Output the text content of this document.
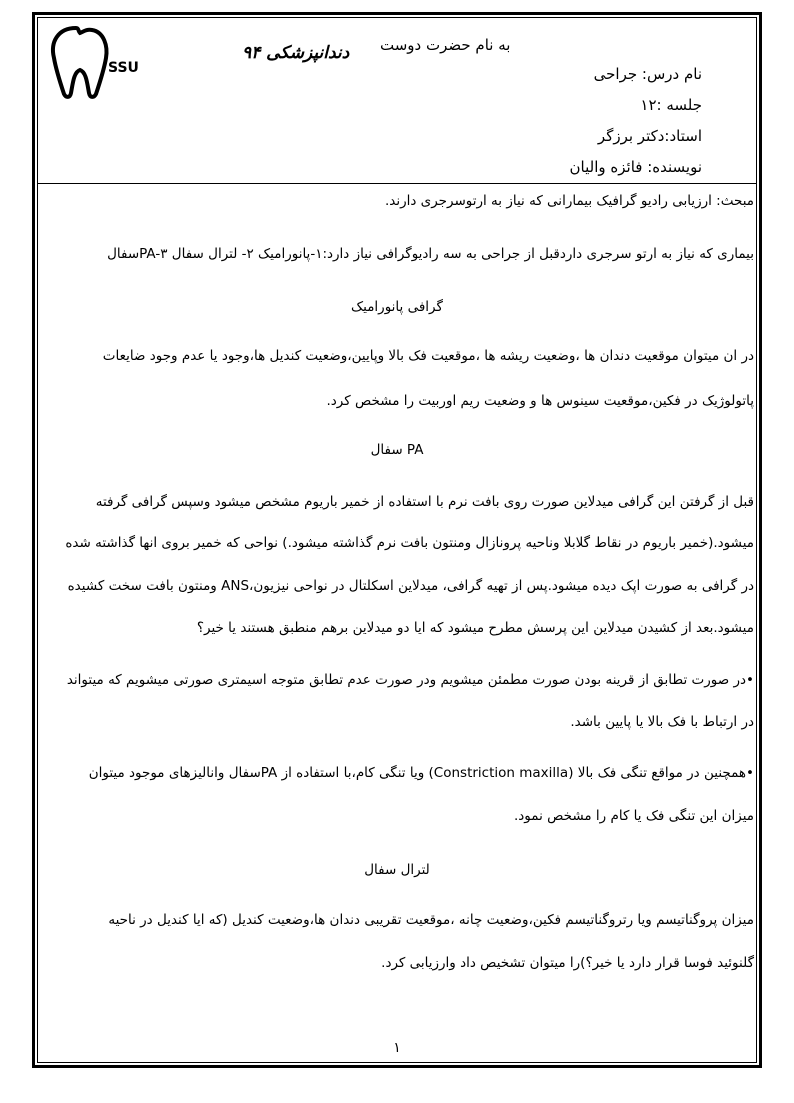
SSU
دندانپزشکی ۹۴ به نام حضرت دوست
نام درس: جراحی
جلسه :۱۲
استاد:دکتر برزگر
نویسنده: فائزه والیان
مبحث: ارزیابی رادیو گرافیک بیمارانی که نیاز به ارتوسرجری دارند.
بیماری که نیاز به ارتو سرجری داردقبل از جراحی به سه رادیوگرافی نیاز دارد:۱-پانورامیک ۲- لترال سفال PA-۳سفال
گرافی پانورامیک
در ان میتوان موقعیت دندان ها ،وضعیت ریشه ها ،موقعیت فک بالا وپایین،وضعیت کندیل ها،وجود یا عدم وجود ضایعات
پاتولوژیک در فکین،موقعیت سینوس ها و وضعیت ریم اوربیت را مشخص کرد.
PA سفال
قبل از گرفتن این گرافی میدلاین صورت روی بافت نرم با استفاده از خمیر باریوم مشخص میشود وسپس گرافی گرفته
میشود.(خمیر باریوم در نقاط گلابلا وناحیه پرونازال ومنتون بافت نرم گذاشته میشود.) نواحی که خمیر بروی انها گذاشته شده
در گرافی به صورت اپک دیده میشود.پس از تهیه گرافی، میدلاین اسکلتال در نواحی نیزیون،ANS ومنتون بافت سخت کشیده
میشود.بعد از کشیدن میدلاین این پرسش مطرح میشود که ایا دو میدلاین برهم منطبق هستند یا خیر؟
•در صورت تطابق از قرینه بودن صورت مطمئن میشویم ودر صورت عدم تطابق متوجه اسیمتری صورتی میشویم که میتواند
در ارتباط با فک بالا یا پایین باشد.
•همچنین در مواقع تنگی فک بالا (Constriction maxilla) ویا تنگی کام،با استفاده از PAسفال وانالیزهای موجود میتوان
میزان این تنگی فک یا کام را مشخص نمود.
لترال سفال
میزان پروگناتیسم ویا رتروگناتیسم فکین،وضعیت چانه ،موقعیت تقریبی دندان ها،وضعیت کندیل (که ایا کندیل در ناحیه
گلنوئید فوسا قرار دارد یا خیر؟)را میتوان تشخیص داد وارزیابی کرد.
۱
